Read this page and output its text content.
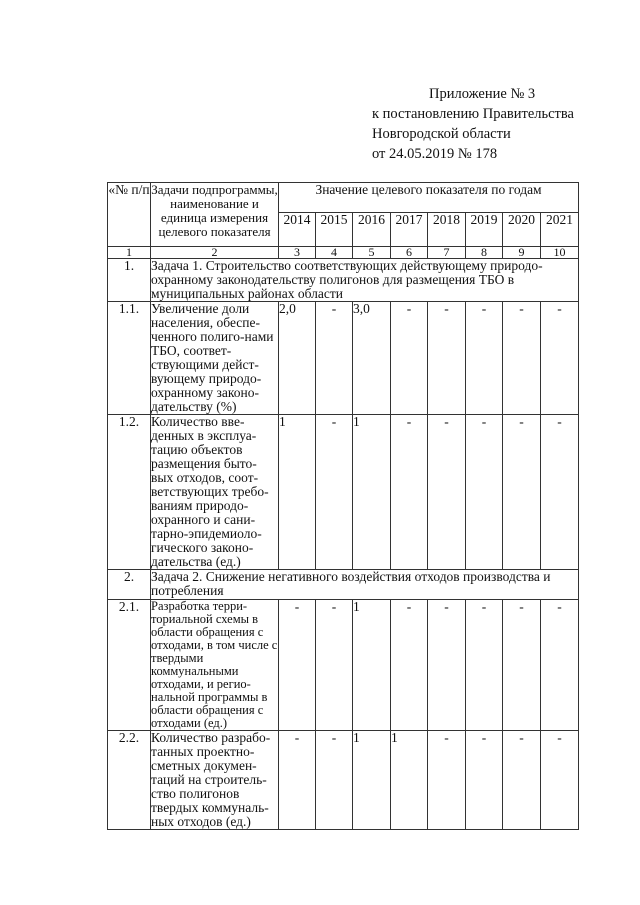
Приложение № 3
к постановлению Правительства
Новгородской области
от 24.05.2019 № 178
«№ п/п	Задачи подпрограммы, наименование и единица измерения целевого показателя	Значение целевого показателя по годам							
		2014	2015	2016	2017	2018	2019	2020	2021
1	2	3	4	5	6	7	8	9	10
1.	Задача 1. Строительство соответствующих действующему природо-охранному законодательству полигонов для размещения ТБО в муниципальных районах области								
1.1.	Увеличение доли населения, обеспе-ченного полиго-нами ТБО, соответ-ствующими дейст-вующему природо-охранному законо-дательству (%)	2,0	-	3,0	-	-	-	-	-
1.2.	Количество вве-денных в эксплуа-тацию объектов размещения быто-вых отходов, соот-ветствующих требо-ваниям природо-охранного и сани-тарно-эпидемиоло-гического законо-дательства (ед.)	1	-	1	-	-	-	-	-
2.	Задача 2. Снижение негативного воздействия отходов производства и потребления								
2.1.	Разработка терри-ториальной схемы в области обращения с отходами, в том числе с твердыми коммунальными отходами, и регио-нальной программы в области обращения с отходами (ед.)	-	-	1	-	-	-	-	-
2.2.	Количество разрабо-танных проектно-сметных докумен-таций на строитель-ство полигонов твердых коммуналь-ных отходов (ед.)	-	-	1	1	-	-	-	-
